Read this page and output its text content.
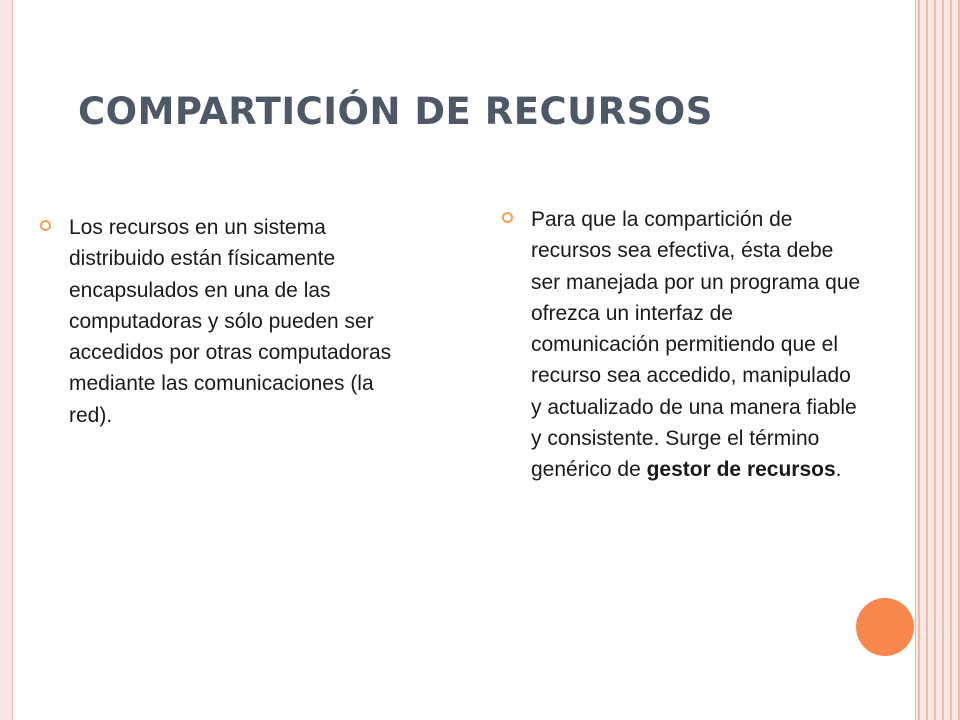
COMPARTICIÓN DE RECURSOS
Los recursos en un sistema distribuido están físicamente encapsulados en una de las computadoras y sólo pueden ser accedidos por otras computadoras mediante las comunicaciones (la red).
Para que la compartición de recursos sea efectiva, ésta debe ser manejada por un programa que ofrezca un interfaz de comunicación permitiendo que el recurso sea accedido, manipulado y actualizado de una manera fiable y consistente. Surge el término genérico de gestor de recursos.
